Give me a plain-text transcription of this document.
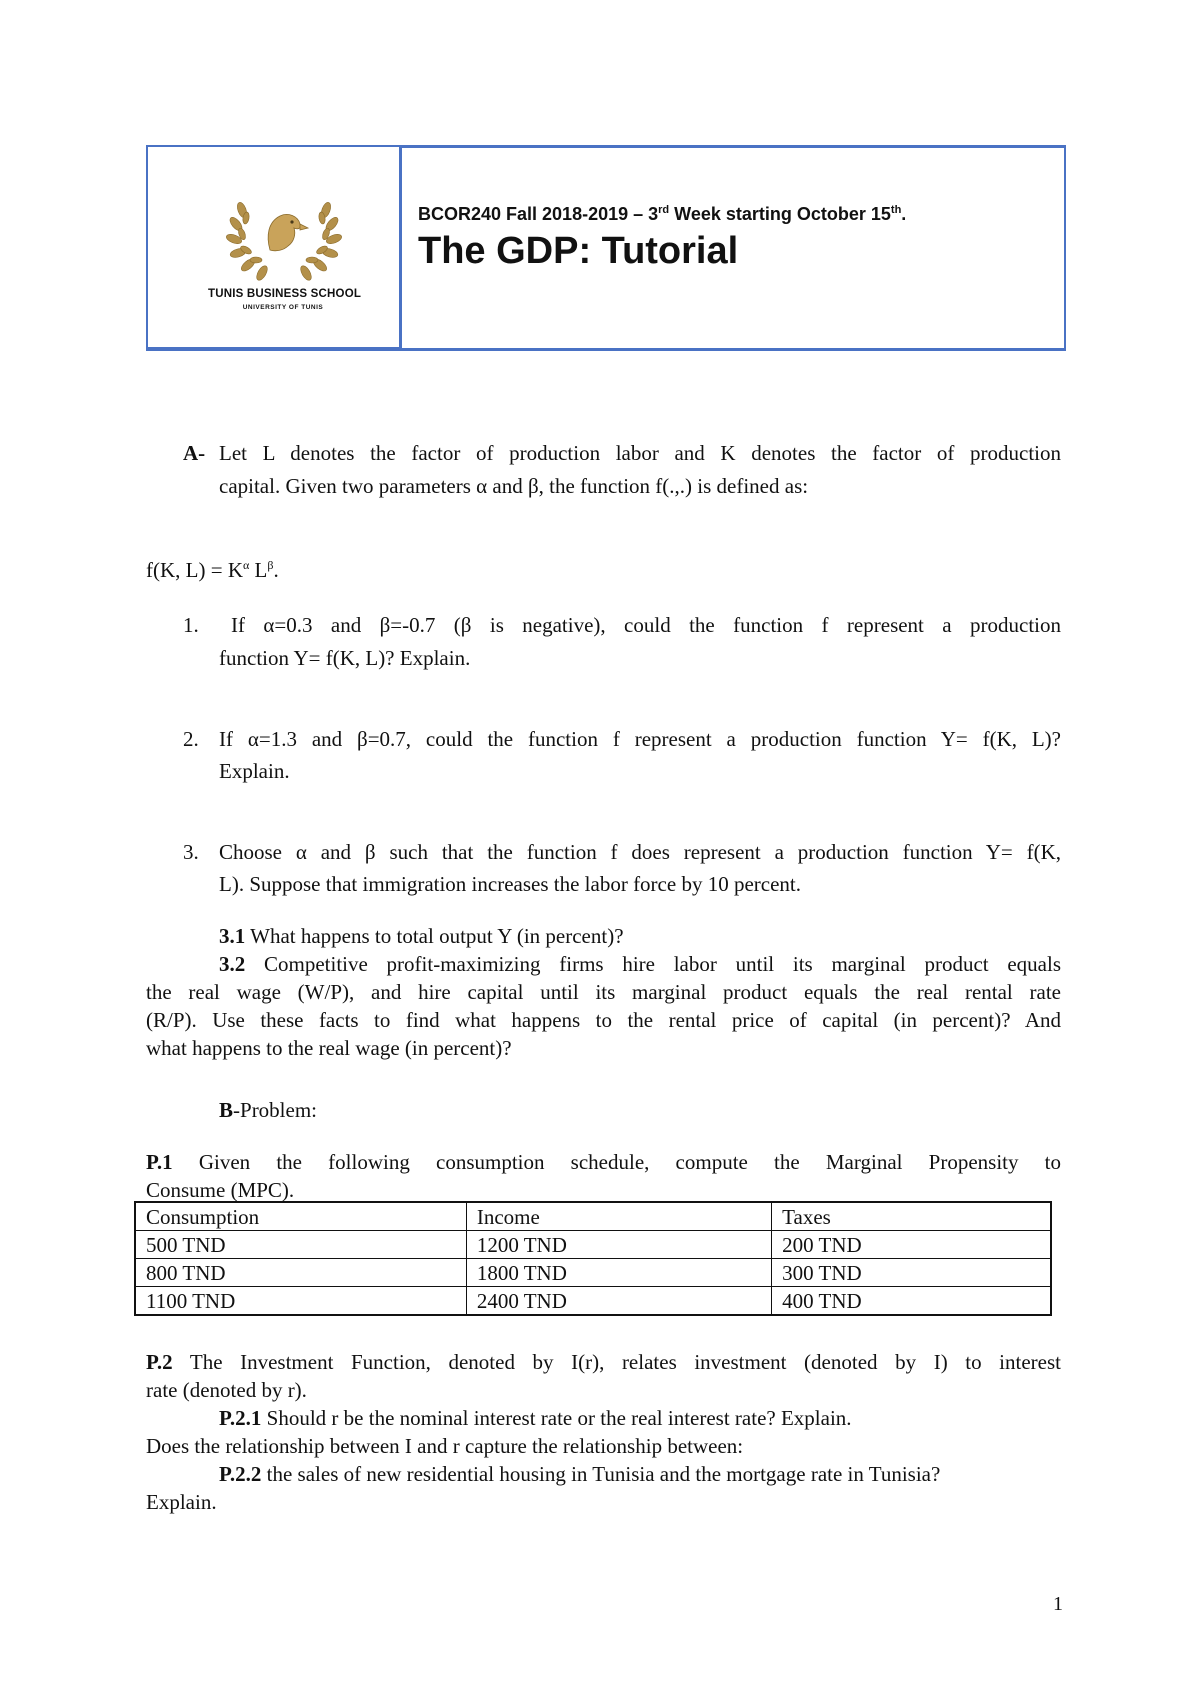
TUNIS BUSINESS SCHOOL
UNIVERSITY OF TUNIS
BCOR240 Fall 2018-2019 – 3rd Week starting October 15th.
The GDP: Tutorial
A- Let L denotes the factor of production labor and K denotes the factor of production
capital. Given two parameters α and β, the function f(.,.) is defined as:
f(K, $L) = K^\alpha$ $L^\beta$.
1. If α=0.3 and β=-0.7 (β is negative), could the function f represent a production
function Y= f(K, L)? Explain.
2. If α=1.3 and β=0.7, could the function f represent a production function Y= f(K, L)?
Explain.
3. Choose α and β such that the function f does represent a production function Y= f(K,
L). Suppose that immigration increases the labor force by 10 percent.
3.1 What happens to total output Y (in percent)?
3.2 Competitive profit-maximizing firms hire labor until its marginal product equals
the real wage (W/P), and hire capital until its marginal product equals the real rental rate
(R/P). Use these facts to find what happens to the rental price of capital (in percent)? And
what happens to the real wage (in percent)?
B-Problem:
P.1 Given the following consumption schedule, compute the Marginal Propensity to
Consume (MPC).
Consumption	Income	Taxes
500 TND	1200 TND	200 TND
800 TND	1800 TND	300 TND
1100 TND	2400 TND	400 TND
P.2 The Investment Function, denoted by I(r), relates investment (denoted by I) to interest
rate (denoted by r).
P.2.1 Should r be the nominal interest rate or the real interest rate? Explain.
Does the relationship between I and r capture the relationship between:
P.2.2 the sales of new residential housing in Tunisia and the mortgage rate in Tunisia?
Explain.
1
